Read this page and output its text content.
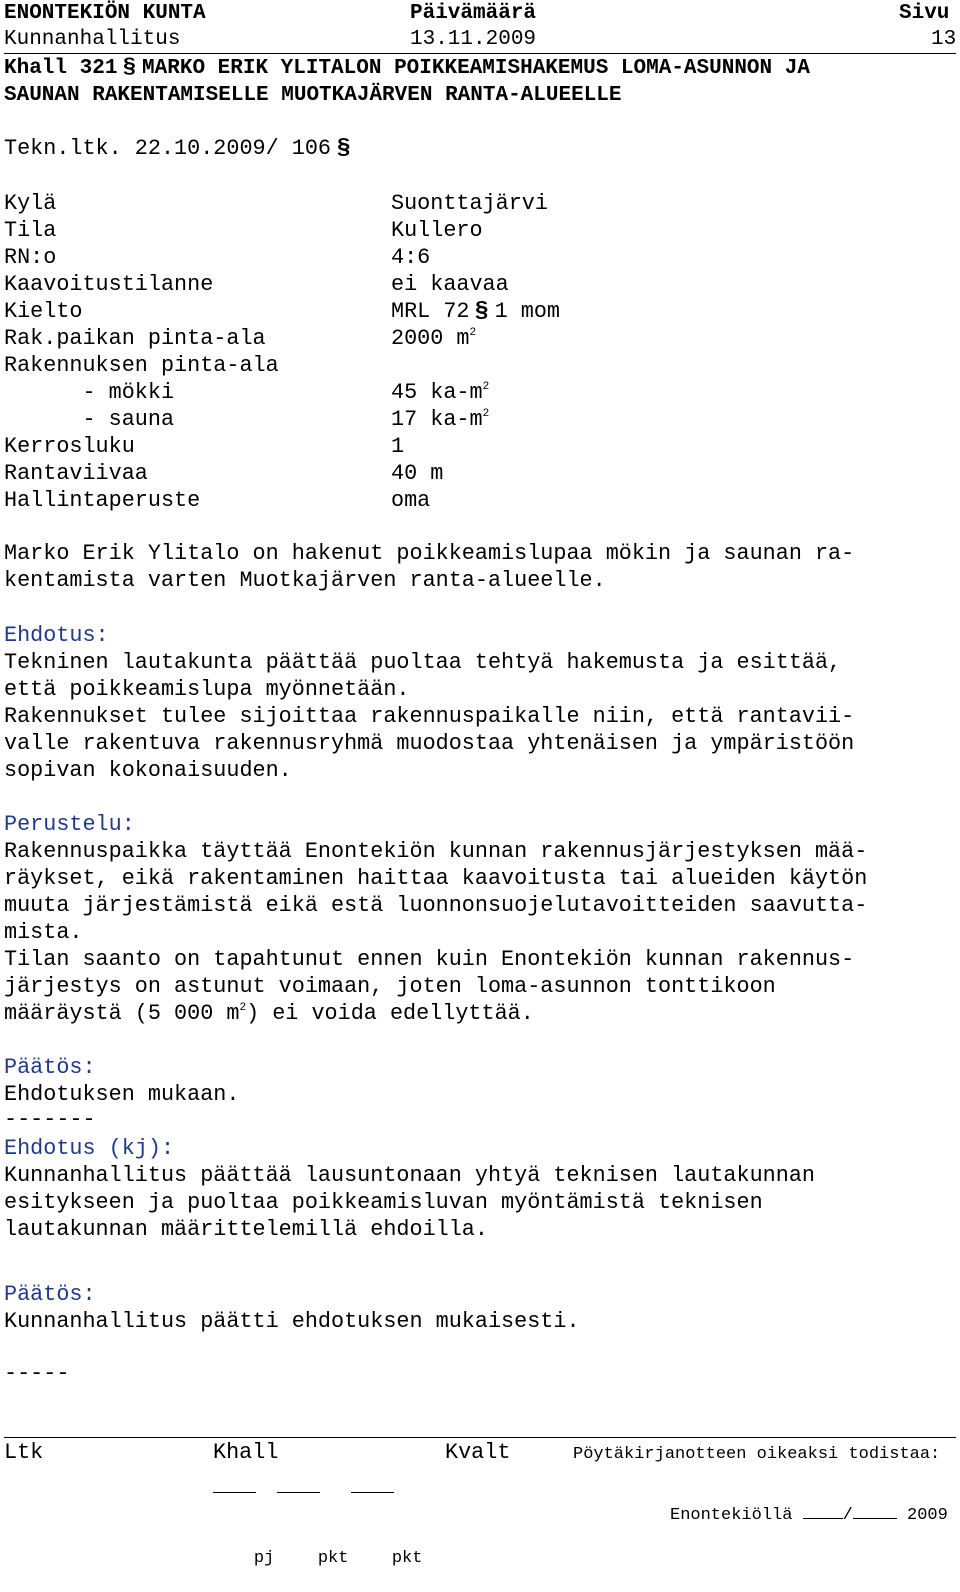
ENONTEKIÖN KUNTA	Päivämäärä	Sivu
Kunnanhallitus	13.11.2009	13
Khall 321 § MARKO ERIK YLITALON POIKKEAMISHAKEMUS LOMA-ASUNNON JA
SAUNAN RAKENTAMISELLE MUOTKAJÄRVEN RANTA-ALUEELLE
Tekn.ltk. 22.10.2009/ 106 §
Kylä	Suonttajärvi
Tila	Kullero
RN:o	4:6
Kaavoitustilanne	ei kaavaa
Kielto	MRL 72 § 1 mom
Rak.paikan pinta-ala	2000 $m^2$
Rakennuksen pinta-ala
- mökki	45 $ka-m^2$
- sauna	17 $ka-m^2$
Kerrosluku	1
Rantaviivaa	40 m
Hallintaperuste	oma
Marko Erik Ylitalo on hakenut poikkeamislupaa mökin ja saunan ra-
kentamista varten Muotkajärven ranta-alueelle.
Ehdotus:
Tekninen lautakunta päättää puoltaa tehtyä hakemusta ja esittää,
että poikkeamislupa myönnetään.
Rakennukset tulee sijoittaa rakennuspaikalle niin, että rantavii-
valle rakentuva rakennusryhmä muodostaa yhtenäisen ja ympäristöön
sopivan kokonaisuuden.
Perustelu:
Rakennuspaikka täyttää Enontekiön kunnan rakennusjärjestyksen mää-
räykset, eikä rakentaminen haittaa kaavoitusta tai alueiden käytön
muuta järjestämistä eikä estä luonnonsuojelutavoitteiden saavutta-
mista.
Tilan saanto on tapahtunut ennen kuin Enontekiön kunnan rakennus-
järjestys on astunut voimaan, joten loma-asunnon tonttikoon
määräystä (5 000 $m^2$) ei voida edellyttää.
Päätös:
Ehdotuksen mukaan.
-------
Ehdotus (kj):
Kunnanhallitus päättää lausuntonaan yhtyä teknisen lautakunnan
esitykseen ja puoltaa poikkeamisluvan myöntämistä teknisen
lautakunnan määrittelemillä ehdoilla.
Päätös:
Kunnanhallitus päätti ehdotuksen mukaisesti.
-----
Ltk	Khall	Kvalt	Pöytäkirjanotteen oikeaksi todistaa:

pj

	pkt

	pkt

Enontekiöllä	/	2009
